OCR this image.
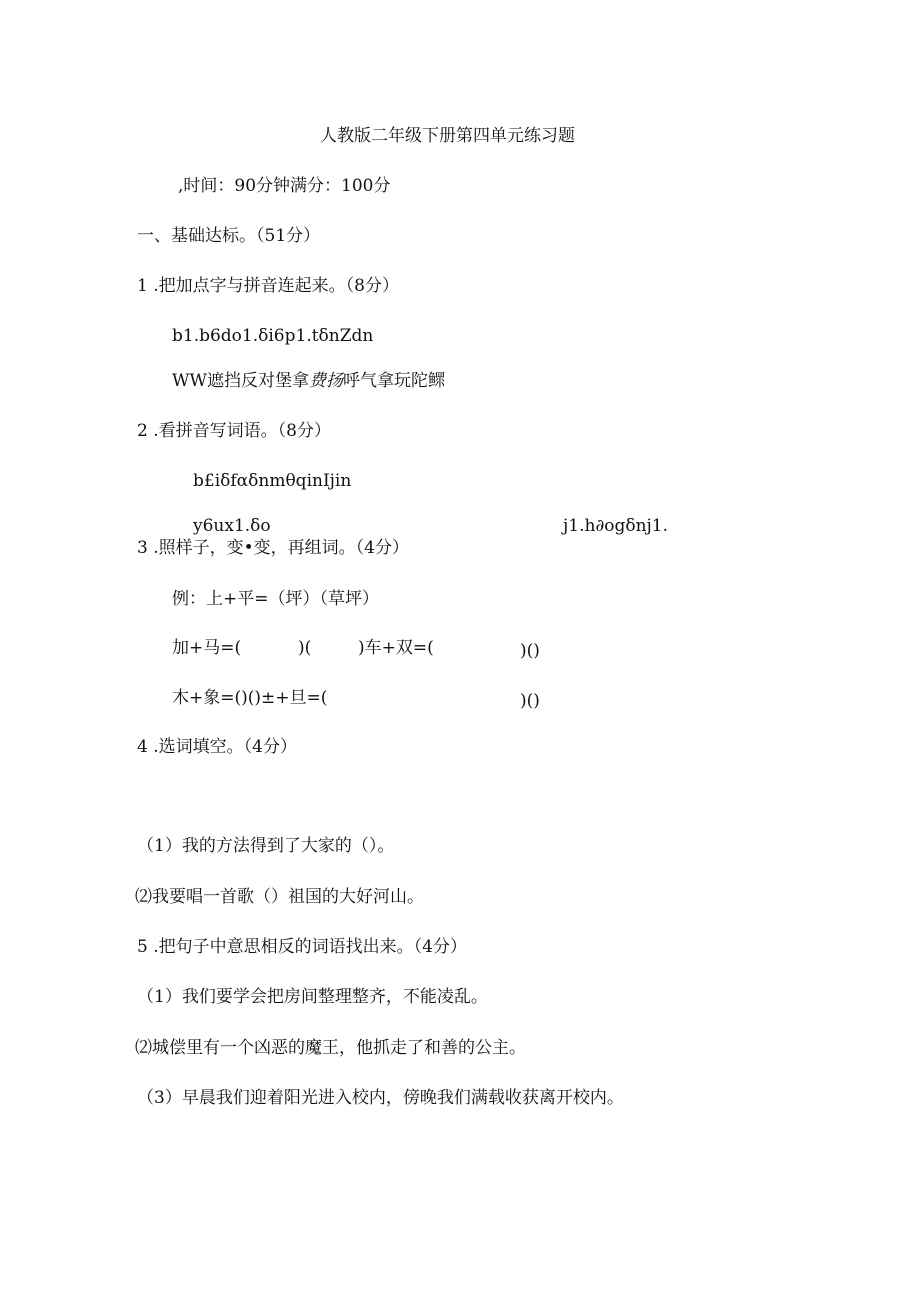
人教版二年级下册第四单元练习题
,时间：90分钟满分：100分
一、基础达标。（51分）
1 .把加点字与拼音连起来。（8分）
b1.b6do1.δi6p1.tδnZdn
WW遮挡反对堡拿费扬呼气拿玩陀鳏
2 .看拼音写词语。（8分）
b£iδfαδnmθqinIjin
y6ux1.δo	j1.h∂ogδnj1.
3 .照样子，变•变，再组词。（4分）
例：上+平=（坪）（草坪）
加+马=(	)(	)车+双=(	)()
木+象=()()±+旦=(	)()
4 .选词填空。（4分）
（1）我的方法得到了大家的（）。
⑵我要唱一首歌（）祖国的大好河山。
5 .把句子中意思相反的词语找出来。（4分）
（1）我们要学会把房间整理整齐，不能凌乱。
⑵城偿里有一个凶恶的魔王，他抓走了和善的公主。
（3）早晨我们迎着阳光进入校内，傍晚我们满载收获离开校内。
